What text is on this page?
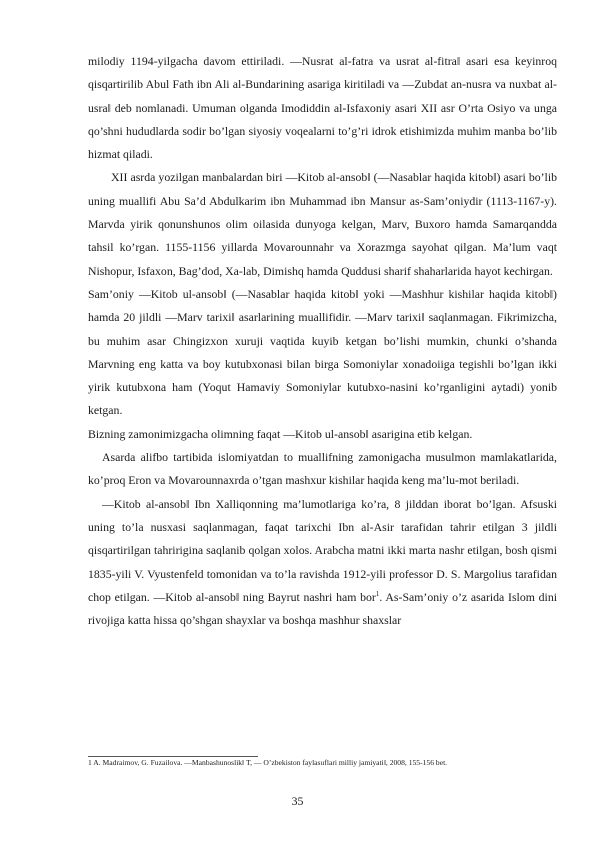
milodiy 1194-yilgacha davom ettiriladi. ―Nusrat al-fatra va usrat al-fitra‖ asari esa keyinroq qisqartirilib Abul Fath ibn Ali al-Bundarining asariga kiritiladi va ―Zubdat an-nusra va nuxbat al-usra‖ deb nomlanadi. Umuman olganda Imodiddin al-Isfaxoniy asari XII asr O’rta Osiyo va unga qo’shni hududlarda sodir bo’lgan siyosiy voqealarni to’g’ri idrok etishimizda muhim manba bo’lib hizmat qiladi.

XII asrda yozilgan manbalardan biri ―Kitob al-ansob‖ (―Nasablar haqida kitob‖) asari bo’lib uning muallifi Abu Sa’d Abdulkarim ibn Muhammad ibn Mansur as-Sam’oniydir (1113-1167-y). Marvda yirik qonunshunos olim oilasida dunyoga kelgan, Marv, Buxoro hamda Samarqandda tahsil ko’rgan. 1155-1156 yillarda Movarounnahr va Xorazmga sayohat qilgan. Ma’lum vaqt Nishopur, Isfaxon, Bag’dod, Xa-lab, Dimishq hamda Quddusi sharif shaharlarida hayot kechirgan.

Sam’oniy ―Kitob ul-ansob‖ (―Nasablar haqida kitob‖ yoki ―Mashhur kishilar haqida kitob‖) hamda 20 jildli ―Marv tarixi‖ asarlarining muallifidir. ―Marv tarixi‖ saqlanmagan. Fikrimizcha, bu muhim asar Chingizxon xuruji vaqtida kuyib ketgan bo’lishi mumkin, chunki o’shanda Marvning eng katta va boy kutubxonasi bilan birga Somoniylar xonadoiiga tegishli bo’lgan ikki yirik kutubxona ham (Yoqut Hamaviy Somoniylar kutubxo-nasini ko’rganligini aytadi) yonib ketgan.

Bizning zamonimizgacha olimning faqat ―Kitob ul-ansob‖ asarigina etib kelgan.

Asarda alifbo tartibida islomiyatdan to muallifning zamonigacha musulmon mamlakatlarida, ko’proq Eron va Movarounnaxrda o’tgan mashxur kishilar haqida keng ma’lu-mot beriladi.

―Kitob al-ansob‖ Ibn Xalliqonning ma’lumotlariga ko’ra, 8 jilddan iborat bo’lgan. Afsuski uning to’la nusxasi saqlanmagan, faqat tarixchi Ibn al-Asir tarafidan tahrir etilgan 3 jildli qisqartirilgan tahririgina saqlanib qolgan xolos. Arabcha matni ikki marta nashr etilgan, bosh qismi 1835-yili V. Vyustenfeld tomonidan va to’la ravishda 1912-yili professor D. S. Margolius tarafidan chop etilgan. ―Kitob al-ansob‖ ning Bayrut nashri ham bor$^1$. As-Sam’oniy o’z asarida Islom dini rivojiga katta hissa qo’shgan shayxlar va boshqa mashhur shaxslar

1 A. Madraimov, G. Fuzailova. ―Manbashunoslik‖ T, ― O’zbekiston faylasuflari milliy jamiyati‖, 2008, 155-156 bet.
35
